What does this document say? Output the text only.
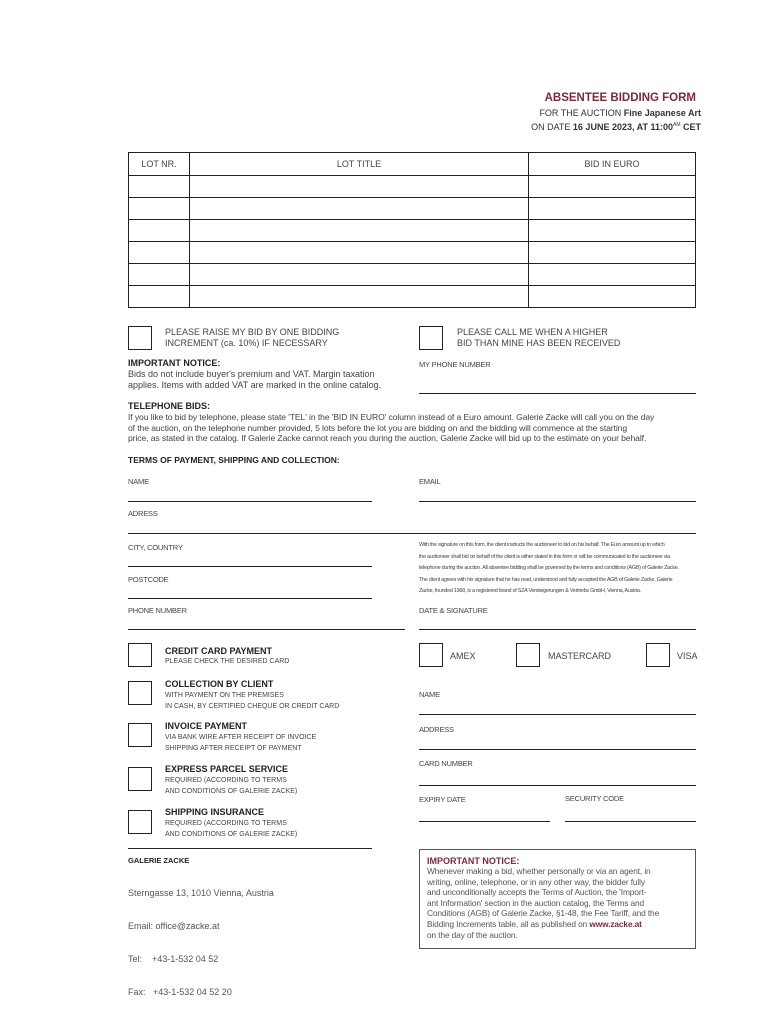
ABSENTEE BIDDING FORM
FOR THE AUCTION Fine Japanese Art
ON DATE 16 JUNE 2023, AT $11:00^{AM}$ CET
LOT NR.	LOT TITLE	BID IN EURO

PLEASE RAISE MY BID BY ONE BIDDING
INCREMENT (ca. 10%) IF NECESSARY
PLEASE CALL ME WHEN A HIGHER
BID THAN MINE HAS BEEN RECEIVED
IMPORTANT NOTICE:
Bids do not include buyer's premium and VAT. Margin taxation
applies. Items with added VAT are marked in the online catalog.
MY PHONE NUMBER
TELEPHONE BIDS:
If you like to bid by telephone, please state 'TEL' in the 'BID IN EURO' column instead of a Euro amount. Galerie Zacke will call you on the day
of the auction, on the telephone number provided, 5 lots before the lot you are bidding on and the bidding will commence at the starting
price, as stated in the catalog. If Galerie Zacke cannot reach you during the auction, Galerie Zacke will bid up to the estimate on your behalf.
TERMS OF PAYMENT, SHIPPING AND COLLECTION:
NAME	EMAIL
ADRESS
CITY, COUNTRY
POSTCODE
PHONE NUMBER
With the signature on this form, the client instructs the auctioneer to bid on his behalf. The Euro amount up to which
the auctioneer shall bid on behalf of the client is either stated in this form or will be communicated to the auctioneer via
telephone during the auction. All absentee bidding shall be governed by the terms and conditions (AGB) of Galerie Zacke.
The client agrees with his signature that he has read, understood and fully accepted the AGB of Galerie Zacke. Galerie
Zacke, founded 1968, is a registered brand of SZA Versteigerungen & Vertriebs GmbH, Vienna, Austria.
DATE & SIGNATURE
CREDIT CARD PAYMENT
PLEASE CHECK THE DESIRED CARD
COLLECTION BY CLIENT
WITH PAYMENT ON THE PREMISES
IN CASH, BY CERTIFIED CHEQUE OR CREDIT CARD
INVOICE PAYMENT
VIA BANK WIRE AFTER RECEIPT OF INVOICE
SHIPPING AFTER RECEIPT OF PAYMENT
EXPRESS PARCEL SERVICE
REQUIRED (ACCORDING TO TERMS
AND CONDITIONS OF GALERIE ZACKE)
SHIPPING INSURANCE
REQUIRED (ACCORDING TO TERMS
AND CONDITIONS OF GALERIE ZACKE)
AMEX	MASTERCARD	VISA
NAME
ADDRESS
CARD NUMBER
EXPIRY DATE	SECURITY CODE
GALERIE ZACKE

Sterngasse 13, 1010 Vienna, Austria

Email: office@zacke.at

Tel:    +43-1-532 04 52

Fax:   +43-1-532 04 52 20

IMPORTANT NOTICE:
Whenever making a bid, whether personally or via an agent, in
writing, online, telephone, or in any other way, the bidder fully
and unconditionally accepts the Terms of Auction, the 'Import-
ant Information' section in the auction catalog, the Terms and
Conditions (AGB) of Galerie Zacke, §1-48, the Fee Tariff, and the
Bidding Increments table, all as published on www.zacke.at
on the day of the auction.
